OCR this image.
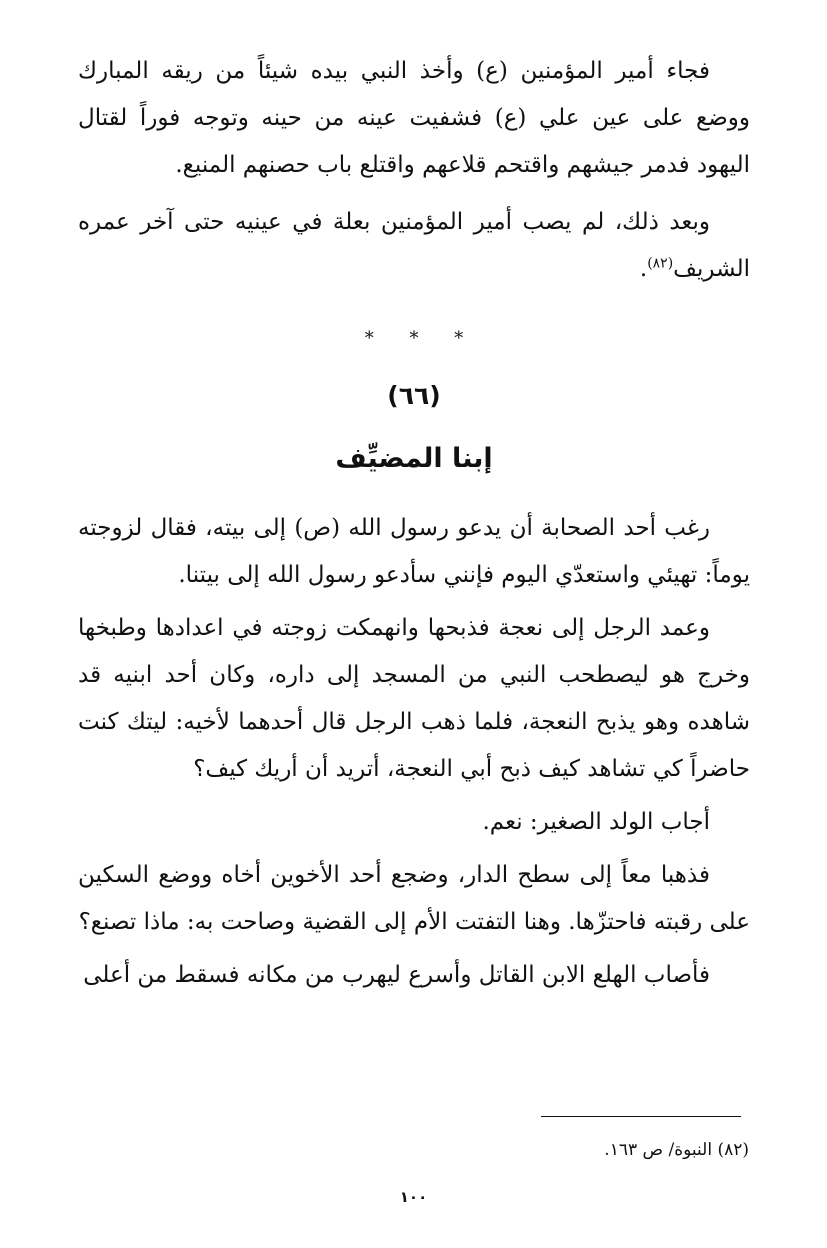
فجاء أمير المؤمنين (ع) وأخذ النبي بيده شيئاً من ريقه المبارك ووضع على عين علي (ع) فشفيت عينه من حينه وتوجه فوراً لقتال اليهود فدمر جيشهم واقتحم قلاعهم واقتلع باب حصنهم المنيع.

وبعد ذلك، لم يصب أمير المؤمنين بعلة في عينيه حتى آخر عمره الشريف$^{(٨٢)}$.

* * *
(٦٦)
إبنا المضيِّف

رغب أحد الصحابة أن يدعو رسول الله (ص) إلى بيته، فقال لزوجته يوماً: تهيئي واستعدّي اليوم فإنني سأدعو رسول الله إلى بيتنا.

وعمد الرجل إلى نعجة فذبحها وانهمكت زوجته في اعدادها وطبخها وخرج هو ليصطحب النبي من المسجد إلى داره، وكان أحد ابنيه قد شاهده وهو يذبح النعجة، فلما ذهب الرجل قال أحدهما لأخيه: ليتك كنت حاضراً كي تشاهد كيف ذبح أبي النعجة، أتريد أن أريك كيف؟

أجاب الولد الصغير: نعم.

فذهبا معاً إلى سطح الدار، وضجع أحد الأخوين أخاه ووضع السكين على رقبته فاحتزّها. وهنا التفتت الأم إلى القضية وصاحت به: ماذا تصنع؟

فأصاب الهلع الابن القاتل وأسرع ليهرب من مكانه فسقط من أعلى

(٨٢) النبوة/ ص ١٦٣.
١٠٠
